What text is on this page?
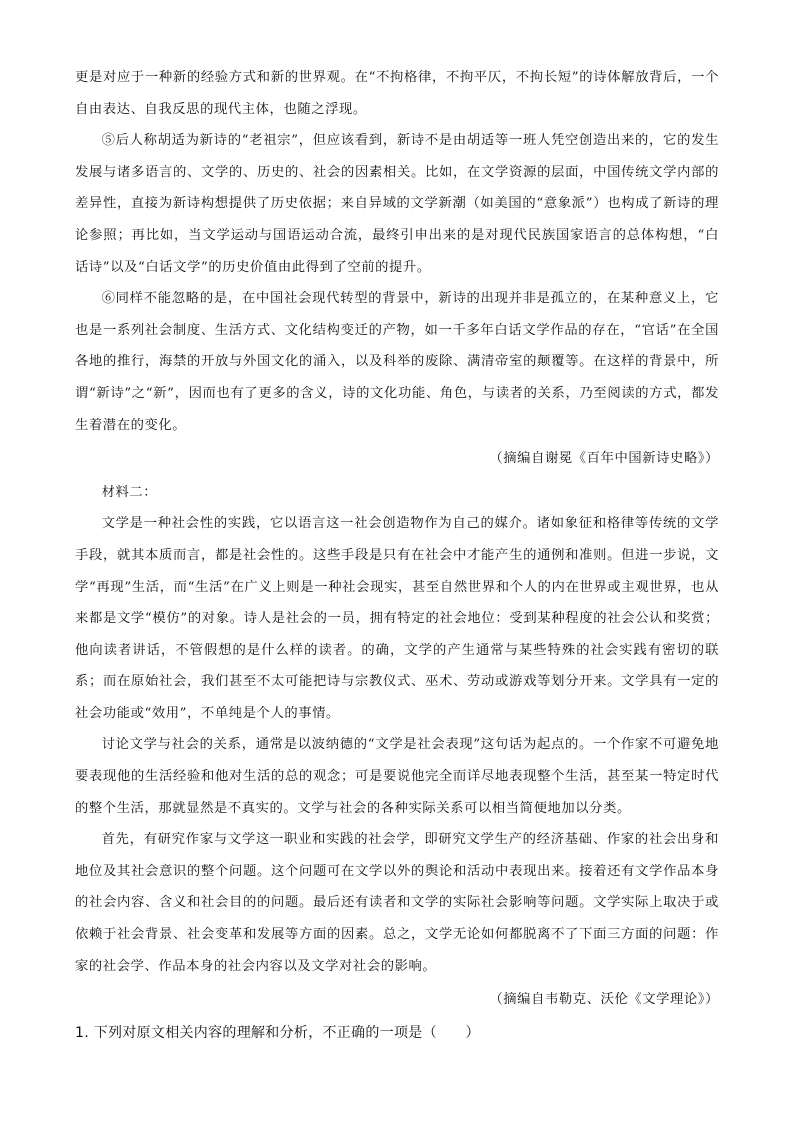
更是对应于一种新的经验方式和新的世界观。在“不拘格律，不拘平仄，不拘长短”的诗体解放背后，一个自由表达、自我反思的现代主体，也随之浮现。

⑤后人称胡适为新诗的“老祖宗”，但应该看到，新诗不是由胡适等一班人凭空创造出来的，它的发生发展与诸多语言的、文学的、历史的、社会的因素相关。比如，在文学资源的层面，中国传统文学内部的差异性，直接为新诗构想提供了历史依据；来自异域的文学新潮（如美国的“意象派”）也构成了新诗的理论参照；再比如，当文学运动与国语运动合流，最终引申出来的是对现代民族国家语言的总体构想，“白话诗”以及“白话文学”的历史价值由此得到了空前的提升。

⑥同样不能忽略的是，在中国社会现代转型的背景中，新诗的出现并非是孤立的，在某种意义上，它也是一系列社会制度、生活方式、文化结构变迁的产物，如一千多年白话文学作品的存在，“官话”在全国各地的推行，海禁的开放与外国文化的涌入，以及科举的废除、满清帝室的颠覆等。在这样的背景中，所谓“新诗”之“新”，因而也有了更多的含义，诗的文化功能、角色，与读者的关系，乃至阅读的方式，都发生着潜在的变化。

（摘编自谢冕《百年中国新诗史略》）

材料二：

文学是一种社会性的实践，它以语言这一社会创造物作为自己的媒介。诸如象征和格律等传统的文学手段，就其本质而言，都是社会性的。这些手段是只有在社会中才能产生的通例和准则。但进一步说，文学“再现”生活，而“生活”在广义上则是一种社会现实，甚至自然世界和个人的内在世界或主观世界，也从来都是文学“模仿”的对象。诗人是社会的一员，拥有特定的社会地位：受到某种程度的社会公认和奖赏；他向读者讲话，不管假想的是什么样的读者。的确，文学的产生通常与某些特殊的社会实践有密切的联系；而在原始社会，我们甚至不太可能把诗与宗教仪式、巫术、劳动或游戏等划分开来。文学具有一定的社会功能或“效用”，不单纯是个人的事情。

讨论文学与社会的关系，通常是以波纳德的“文学是社会表现”这句话为起点的。一个作家不可避免地要表现他的生活经验和他对生活的总的观念；可是要说他完全而详尽地表现整个生活，甚至某一特定时代的整个生活，那就显然是不真实的。文学与社会的各种实际关系可以相当简便地加以分类。

首先，有研究作家与文学这一职业和实践的社会学，即研究文学生产的经济基础、作家的社会出身和地位及其社会意识的整个问题。这个问题可在文学以外的舆论和活动中表现出来。接着还有文学作品本身的社会内容、含义和社会目的的问题。最后还有读者和文学的实际社会影响等问题。文学实际上取决于或依赖于社会背景、社会变革和发展等方面的因素。总之，文学无论如何都脱离不了下面三方面的问题：作家的社会学、作品本身的社会内容以及文学对社会的影响。

（摘编自韦勒克、沃伦《文学理论》）

1. 下列对原文相关内容的理解和分析，不正确的一项是（　　）
